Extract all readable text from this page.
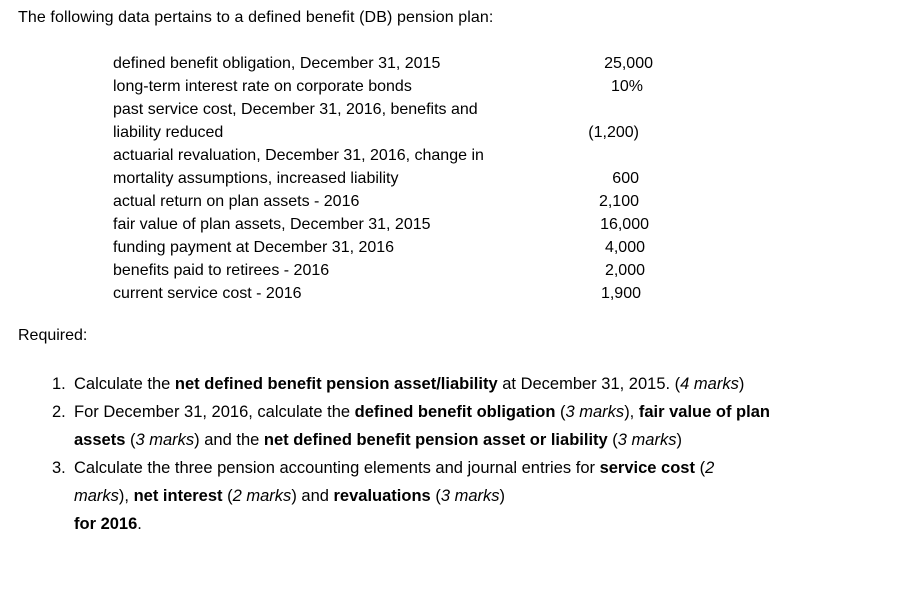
The following data pertains to a defined benefit (DB) pension plan:
defined benefit obligation, December 31, 2015	25,000
long-term interest rate on corporate bonds	10%
past service cost, December 31, 2016, benefits and
liability reduced	(1,200)
actuarial revaluation, December 31, 2016, change in
mortality assumptions, increased liability	600
actual return on plan assets - 2016	2,100
fair value of plan assets, December 31, 2015	16,000
funding payment at December 31, 2016	4,000
benefits paid to retirees - 2016	2,000
current service cost - 2016	1,900
Required:
1. Calculate the net defined benefit pension asset/liability at December 31, 2015. (4 marks)
2. For December 31, 2016, calculate the defined benefit obligation (3 marks), fair value of plan assets (3 marks) and the net defined benefit pension asset or liability (3 marks)
3. Calculate the three pension accounting elements and journal entries for service cost (2 marks), net interest (2 marks) and revaluations (3 marks)
for 2016.
